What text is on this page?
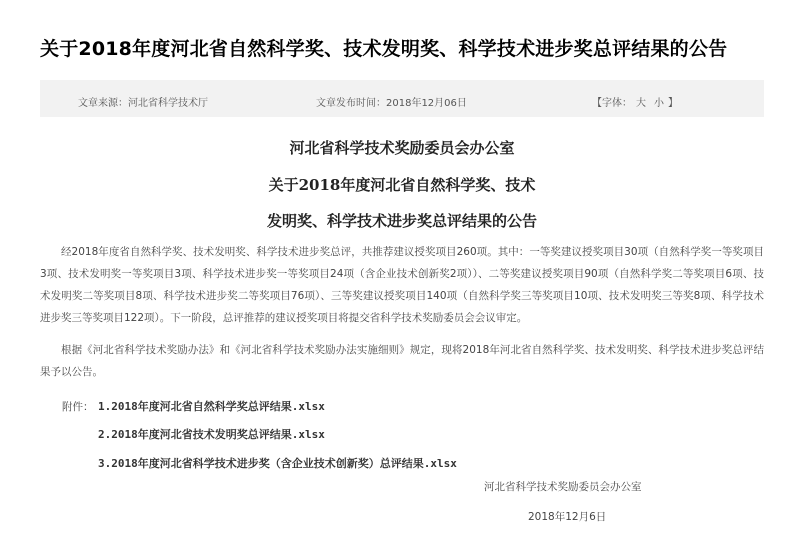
关于2018年度河北省自然科学奖、技术发明奖、科学技术进步奖总评结果的公告
文章来源：河北省科学技术厅	文章发布时间：2018年12月06日	【字体： 大 小 】
河北省科学技术奖励委员会办公室
关于2018年度河北省自然科学奖、技术
发明奖、科学技术进步奖总评结果的公告
经2018年度省自然科学奖、技术发明奖、科学技术进步奖总评，共推荐建议授奖项目260项。其中：一等奖建议授奖项目30项（自然科学奖一等奖项目3项、技术发明奖一等奖项目3项、科学技术进步奖一等奖项目24项（含企业技术创新奖2项））、二等奖建议授奖项目90项（自然科学奖二等奖项目6项、技术发明奖二等奖项目8项、科学技术进步奖二等奖项目76项）、三等奖建议授奖项目140项（自然科学奖三等奖项目10项、技术发明奖三等奖8项、科学技术进步奖三等奖项目122项）。下一阶段，总评推荐的建议授奖项目将提交省科学技术奖励委员会会议审定。
根据《河北省科学技术奖励办法》和《河北省科学技术奖励办法实施细则》规定，现将2018年河北省自然科学奖、技术发明奖、科学技术进步奖总评结果予以公告。
附件： 1.2018年度河北省自然科学奖总评结果.xlsx
2.2018年度河北省技术发明奖总评结果.xlsx
3.2018年度河北省科学技术进步奖（含企业技术创新奖）总评结果.xlsx
河北省科学技术奖励委员会办公室
2018年12月6日
